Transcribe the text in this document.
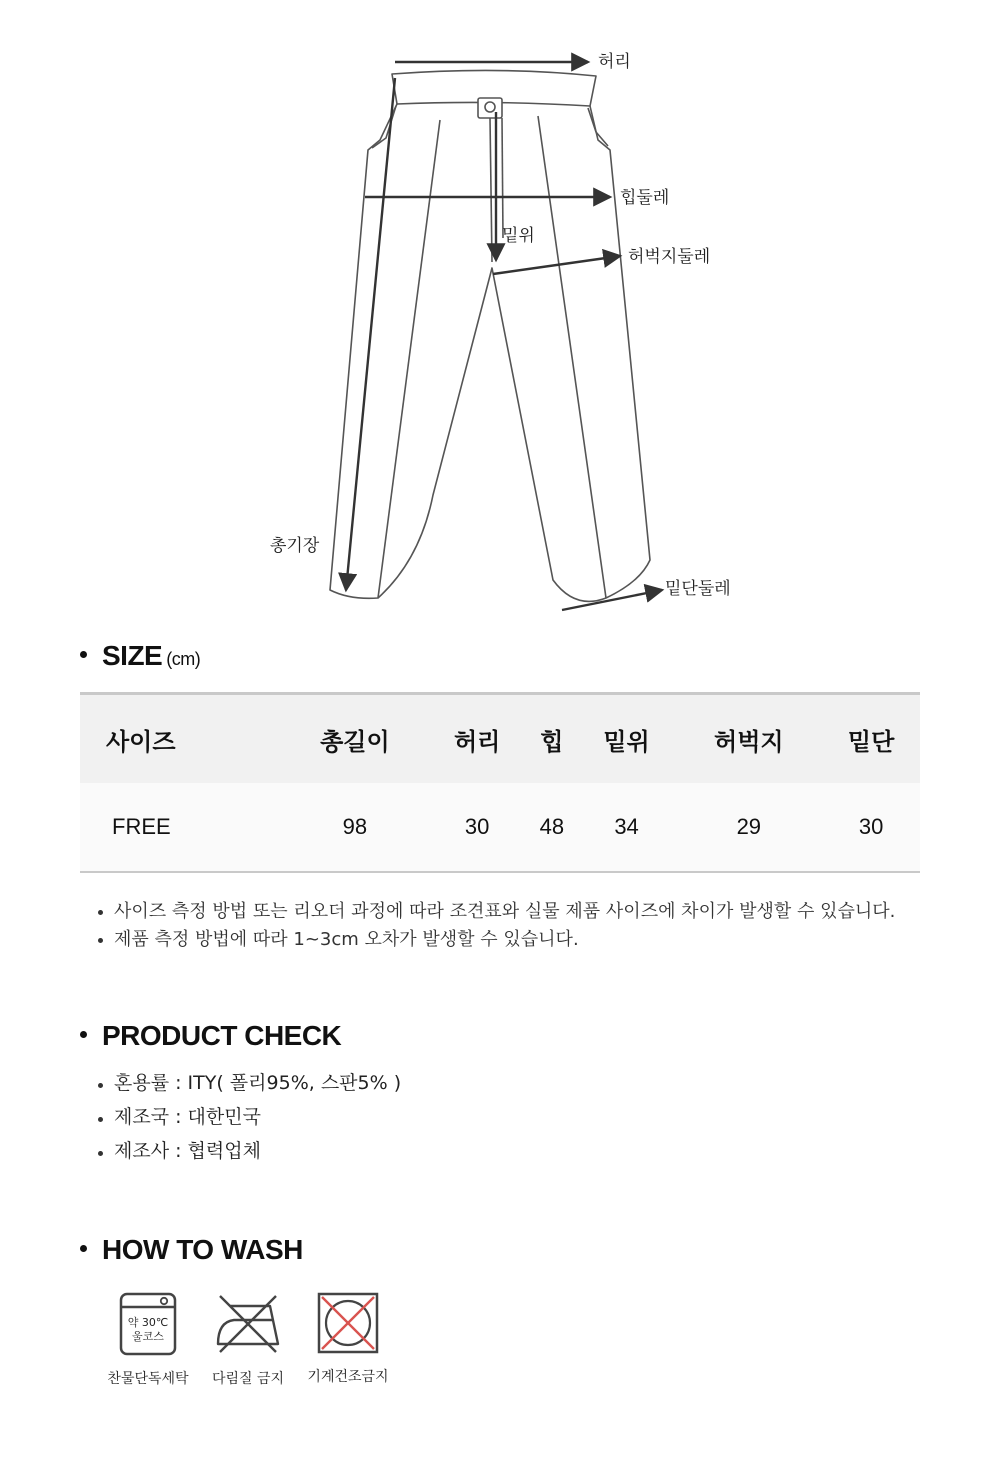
허리
힙둘레
밑위
허벅지둘레
총기장
밑단둘레
SIZE (cm)
사이즈	총길이	허리	힙	밑위	허벅지	밑단
FREE	98	30	48	34	29	30
사이즈 측정 방법 또는 리오더 과정에 따라 조견표와 실물 제품 사이즈에 차이가 발생할 수 있습니다.
제품 측정 방법에 따라 1~3cm 오차가 발생할 수 있습니다.
PRODUCT CHECK
혼용률 : ITY( 폴리95%, 스판5% )
제조국 : 대한민국
제조사 : 협력업체
HOW TO WASH
약 30℃
울코스
찬물단독세탁	다림질 금지	기계건조금지
